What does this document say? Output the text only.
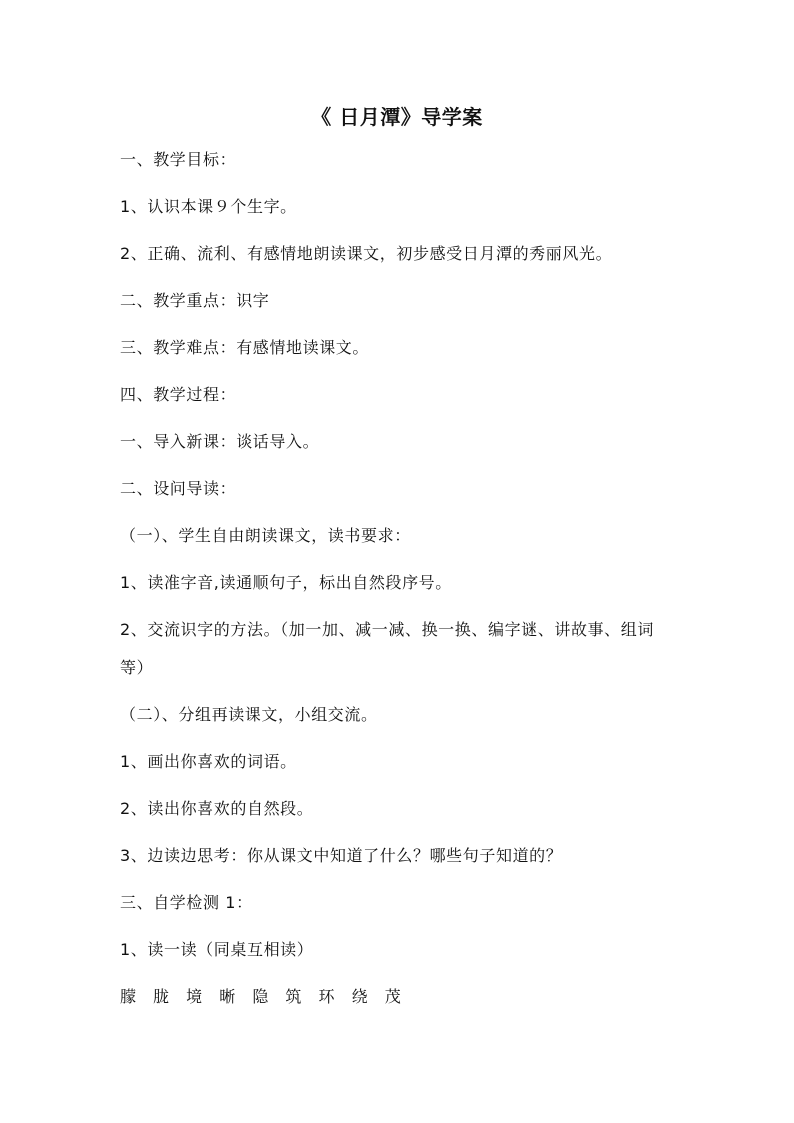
《 日月潭》导学案

一、教学目标：

1、认识本课９个生字。

2、正确、流利、有感情地朗读课文，初步感受日月潭的秀丽风光。

二、教学重点：识字

三、教学难点：有感情地读课文。

四、教学过程：

一、导入新课：谈话导入。

二、设问导读：

（一）、学生自由朗读课文，读书要求：

1、读准字音,读通顺句子，标出自然段序号。

2、交流识字的方法。（加一加、减一减、换一换、编字谜、讲故事、组词等）

（二）、分组再读课文，小组交流。

1、画出你喜欢的词语。

2、读出你喜欢的自然段。

3、边读边思考：你从课文中知道了什么？哪些句子知道的？

三、自学检测 1：

1、读一读（同桌互相读）

朦 胧 境 晰 隐 筑 环 绕 茂
